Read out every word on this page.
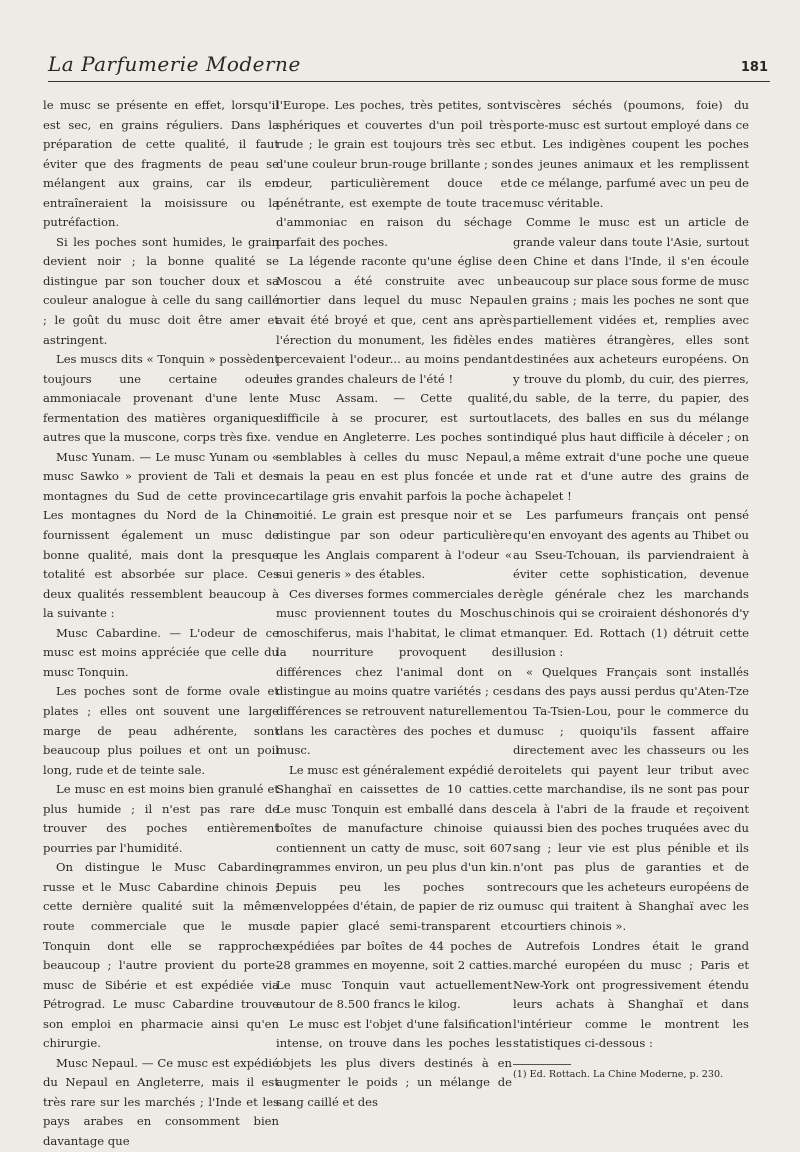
La Parfumerie Moderne	181

le musc se présente en effet, lorsqu'il est sec, en grains réguliers. Dans la préparation de cette qualité, il faut éviter que des fragments de peau se mélangent aux grains, car ils en entraîneraient la moisissure ou la putréfaction.

Si les poches sont humides, le grain devient noir ; la bonne qualité se distingue par son toucher doux et sa couleur analogue à celle du sang caillé ; le goût du musc doit être amer et astringent.

Les muscs dits « Tonquin » possèdent toujours une certaine odeur ammoniacale provenant d'une lente fermentation des matières organiques autres que la muscone, corps très fixe.

Musc Yunam. — Le musc Yunam ou « musc Sawko » provient de Tali et des montagnes du Sud de cette province. Les montagnes du Nord de la Chine fournissent également un musc de bonne qualité, mais dont la presque totalité est absorbée sur place. Ces deux qualités ressemblent beaucoup à la suivante :

Musc Cabardine. — L'odeur de ce musc est moins appréciée que celle du musc Tonquin.

Les poches sont de forme ovale et plates ; elles ont souvent une large marge de peau adhérente, sont beaucoup plus poilues et ont un poil long, rude et de teinte sale.

Le musc en est moins bien granulé et plus humide ; il n'est pas rare de trouver des poches entièrement pourries par l'humidité.

On distingue le Musc Cabardine russe et le Musc Cabardine chinois ; cette dernière qualité suit la même route commerciale que le musc Tonquin dont elle se rapproche beaucoup ; l'autre provient du porte-musc de Sibérie et est expédiée via Pétrograd. Le musc Cabardine trouve son emploi en pharmacie ainsi qu'en chirurgie.

Musc Nepaul. — Ce musc est expédié du Nepaul en Angleterre, mais il est très rare sur les marchés ; l'Inde et les pays arabes en consomment bien davantage que

l'Europe. Les poches, très petites, sont sphériques et couvertes d'un poil très rude ; le grain est toujours très sec et d'une couleur brun-rouge brillante ; son odeur, particulièrement douce et pénétrante, est exempte de toute trace d'ammoniac en raison du séchage parfait des poches.

La légende raconte qu'une église de Moscou a été construite avec un mortier dans lequel du musc Nepaul avait été broyé et que, cent ans après l'érection du monument, les fidèles en percevaient l'odeur... au moins pendant les grandes chaleurs de l'été !

Musc Assam. — Cette qualité, difficile à se procurer, est surtout vendue en Angleterre. Les poches sont semblables à celles du musc Nepaul, mais la peau en est plus foncée et un cartilage gris envahit parfois la poche à moitié. Le grain est presque noir et se distingue par son odeur particulière que les Anglais comparent à l'odeur « sui generis » des étables.

Ces diverses formes commerciales de musc proviennent toutes du Moschus moschiferus, mais l'habitat, le climat et la nourriture provoquent des différences chez l'animal dont on distingue au moins quatre variétés ; ces différences se retrouvent naturellement dans les caractères des poches et du musc.

Le musc est généralement expédié de Shanghaï en caissettes de 10 catties. Le musc Tonquin est emballé dans des boîtes de manufacture chinoise qui contiennent un catty de musc, soit 607 grammes environ, un peu plus d'un kin. Depuis peu les poches sont enveloppées d'étain, de papier de riz ou de papier glacé semi-transparent et expédiées par boîtes de 44 poches de 28 grammes en moyenne, soit 2 catties. Le musc Tonquin vaut actuellement autour de 8.500 francs le kilog.

Le musc est l'objet d'une falsification intense, on trouve dans les poches les objets les plus divers destinés à en augmenter le poids ; un mélange de sang caillé et des

viscères séchés (poumons, foie) du porte-musc est surtout employé dans ce but. Les indigènes coupent les poches des jeunes animaux et les remplissent de ce mélange, parfumé avec un peu de musc véritable.

Comme le musc est un article de grande valeur dans toute l'Asie, surtout en Chine et dans l'Inde, il s'en écoule beaucoup sur place sous forme de musc en grains ; mais les poches ne sont que partiellement vidées et, remplies avec des matières étrangères, elles sont destinées aux acheteurs européens. On y trouve du plomb, du cuir, des pierres, du sable, de la terre, du papier, des lacets, des balles en sus du mélange indiqué plus haut difficile à déceler ; on a même extrait d'une poche une queue de rat et d'une autre des grains de chapelet !

Les parfumeurs français ont pensé qu'en envoyant des agents au Thibet ou au Sseu-Tchouan, ils parviendraient à éviter cette sophistication, devenue règle générale chez les marchands chinois qui se croiraient déshonorés d'y manquer. Ed. Rottach (1) détruit cette illusion :

« Quelques Français sont installés dans des pays aussi perdus qu'Aten-Tze ou Ta-Tsien-Lou, pour le commerce du musc ; quoiqu'ils fassent affaire directement avec les chasseurs ou les roitelets qui payent leur tribut avec cette marchandise, ils ne sont pas pour cela à l'abri de la fraude et reçoivent aussi bien des poches truquées avec du sang ; leur vie est plus pénible et ils n'ont pas plus de garanties et de recours que les acheteurs européens de musc qui traitent à Shanghaï avec les courtiers chinois ».

Autrefois Londres était le grand marché européen du musc ; Paris et New-York ont progressivement étendu leurs achats à Shanghaï et dans l'intérieur comme le montrent les statistiques ci-dessous :

(1) Ed. Rottach. La Chine Moderne, p. 230.
